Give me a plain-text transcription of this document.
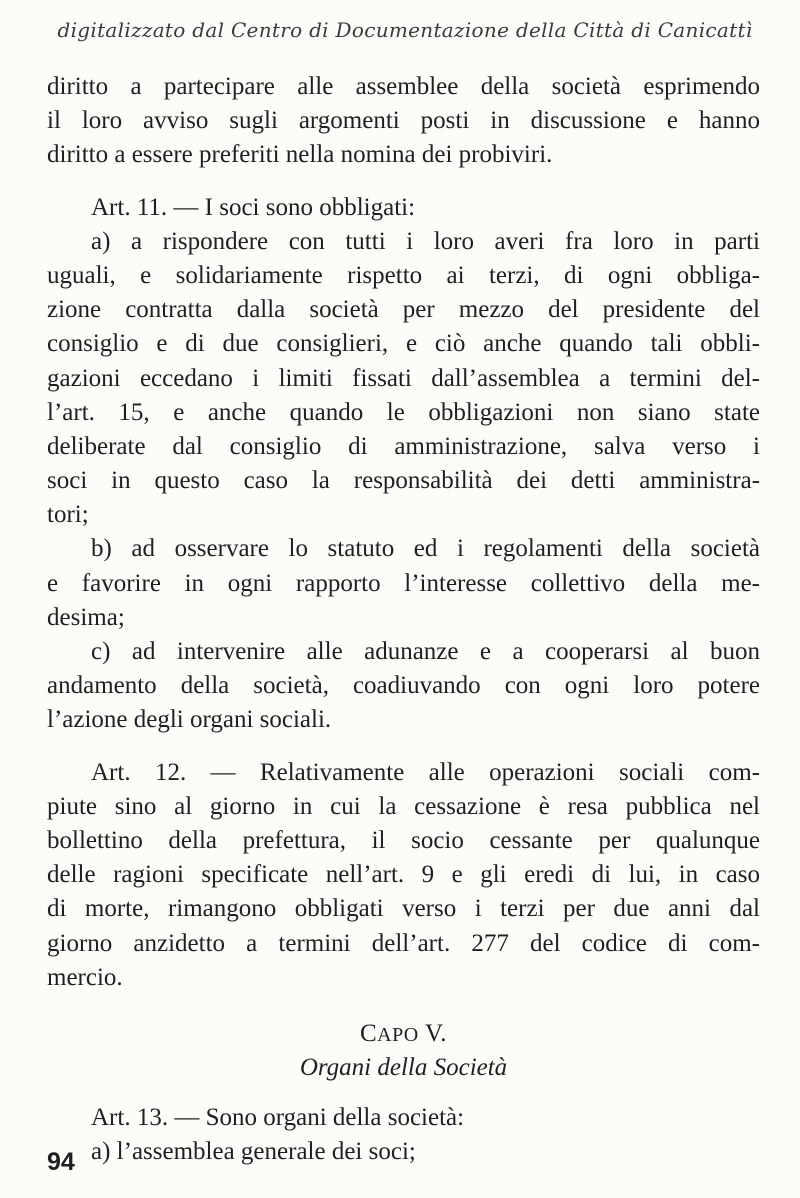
digitalizzato dal Centro di Documentazione della Città di Canicattì
diritto a partecipare alle assemblee della società esprimendo
il loro avviso sugli argomenti posti in discussione e hanno
diritto a essere preferiti nella nomina dei probiviri.
Art. 11. — I soci sono obbligati:
a) a rispondere con tutti i loro averi fra loro in parti
uguali, e solidariamente rispetto ai terzi, di ogni obbliga-
zione contratta dalla società per mezzo del presidente del
consiglio e di due consiglieri, e ciò anche quando tali obbli-
gazioni eccedano i limiti fissati dall’assemblea a termini del-
l’art. 15, e anche quando le obbligazioni non siano state
deliberate dal consiglio di amministrazione, salva verso i
soci in questo caso la responsabilità dei detti amministra-
tori;
b) ad osservare lo statuto ed i regolamenti della società
e favorire in ogni rapporto l’interesse collettivo della me-
desima;
c) ad intervenire alle adunanze e a cooperarsi al buon
andamento della società, coadiuvando con ogni loro potere
l’azione degli organi sociali.
Art. 12. — Relativamente alle operazioni sociali com-
piute sino al giorno in cui la cessazione è resa pubblica nel
bollettino della prefettura, il socio cessante per qualunque
delle ragioni specificate nell’art. 9 e gli eredi di lui, in caso
di morte, rimangono obbligati verso i terzi per due anni dal
giorno anzidetto a termini dell’art. 277 del codice di com-
mercio.
CAPO V.
Organi della Società
Art. 13. — Sono organi della società:
a) l’assemblea generale dei soci;
94
